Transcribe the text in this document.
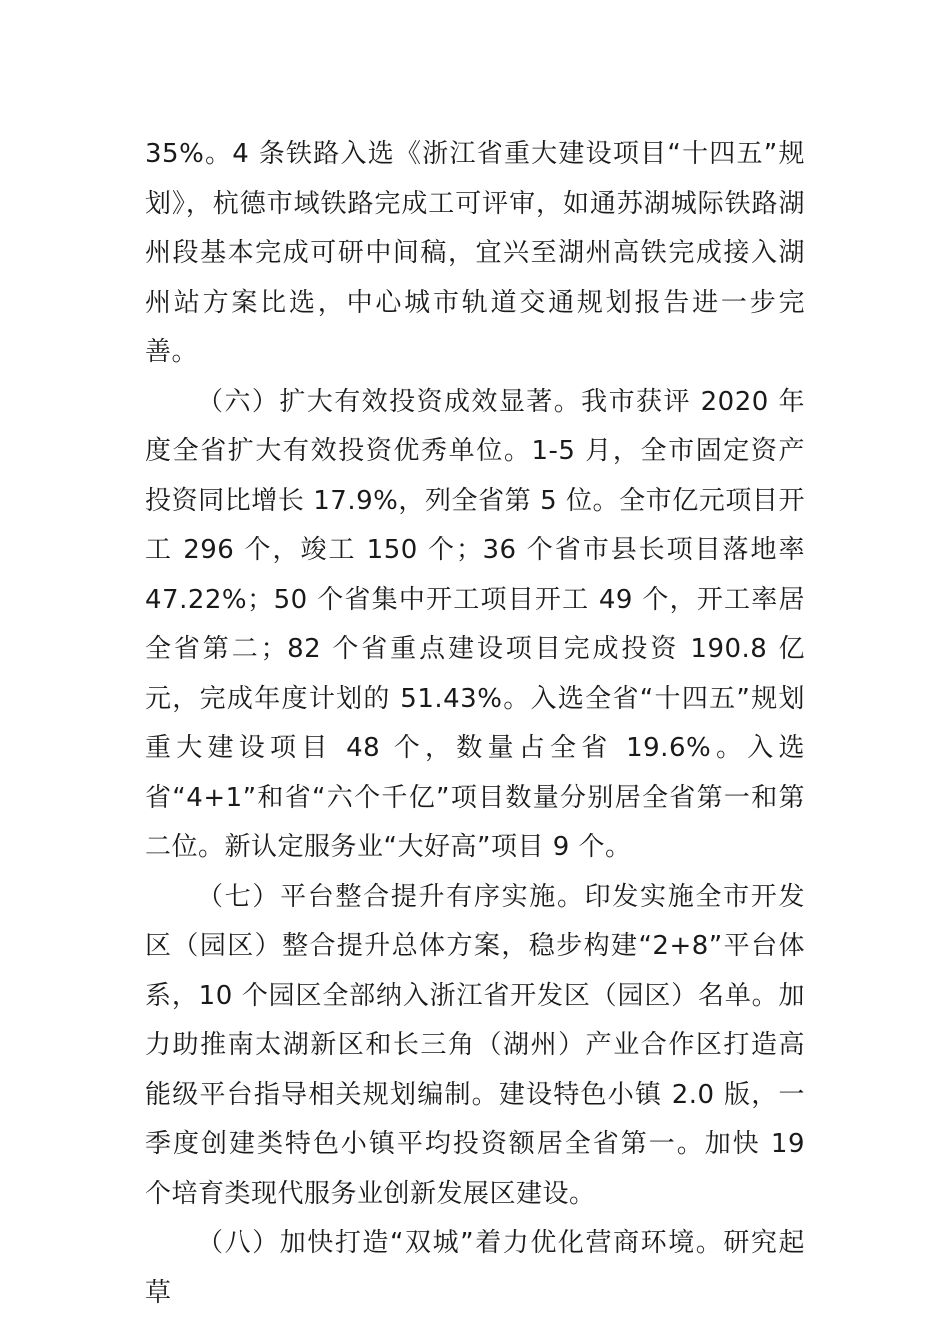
35%。4 条铁路入选《浙江省重大建设项目“十四五”规划》，杭德市域铁路完成工可评审，如通苏湖城际铁路湖州段基本完成可研中间稿，宜兴至湖州高铁完成接入湖州站方案比选，中心城市轨道交通规划报告进一步完善。

（六）扩大有效投资成效显著。我市获评 2020 年度全省扩大有效投资优秀单位。1-5 月，全市固定资产投资同比增长 17.9%，列全省第 5 位。全市亿元项目开工 296 个，竣工 150 个；36 个省市县长项目落地率 47.22%；50 个省集中开工项目开工 49 个，开工率居全省第二；82 个省重点建设项目完成投资 190.8 亿元，完成年度计划的 51.43%。入选全省“十四五”规划重大建设项目 48 个，数量占全省 19.6%。入选省“4+1”和省“六个千亿”项目数量分别居全省第一和第二位。新认定服务业“大好高”项目 9 个。

（七）平台整合提升有序实施。印发实施全市开发区（园区）整合提升总体方案，稳步构建“2+8”平台体系，10 个园区全部纳入浙江省开发区（园区）名单。加力助推南太湖新区和长三角（湖州）产业合作区打造高能级平台指导相关规划编制。建设特色小镇 2.0 版，一季度创建类特色小镇平均投资额居全省第一。加快 19 个培育类现代服务业创新发展区建设。

（八）加快打造“双城”着力优化营商环境。研究起草
